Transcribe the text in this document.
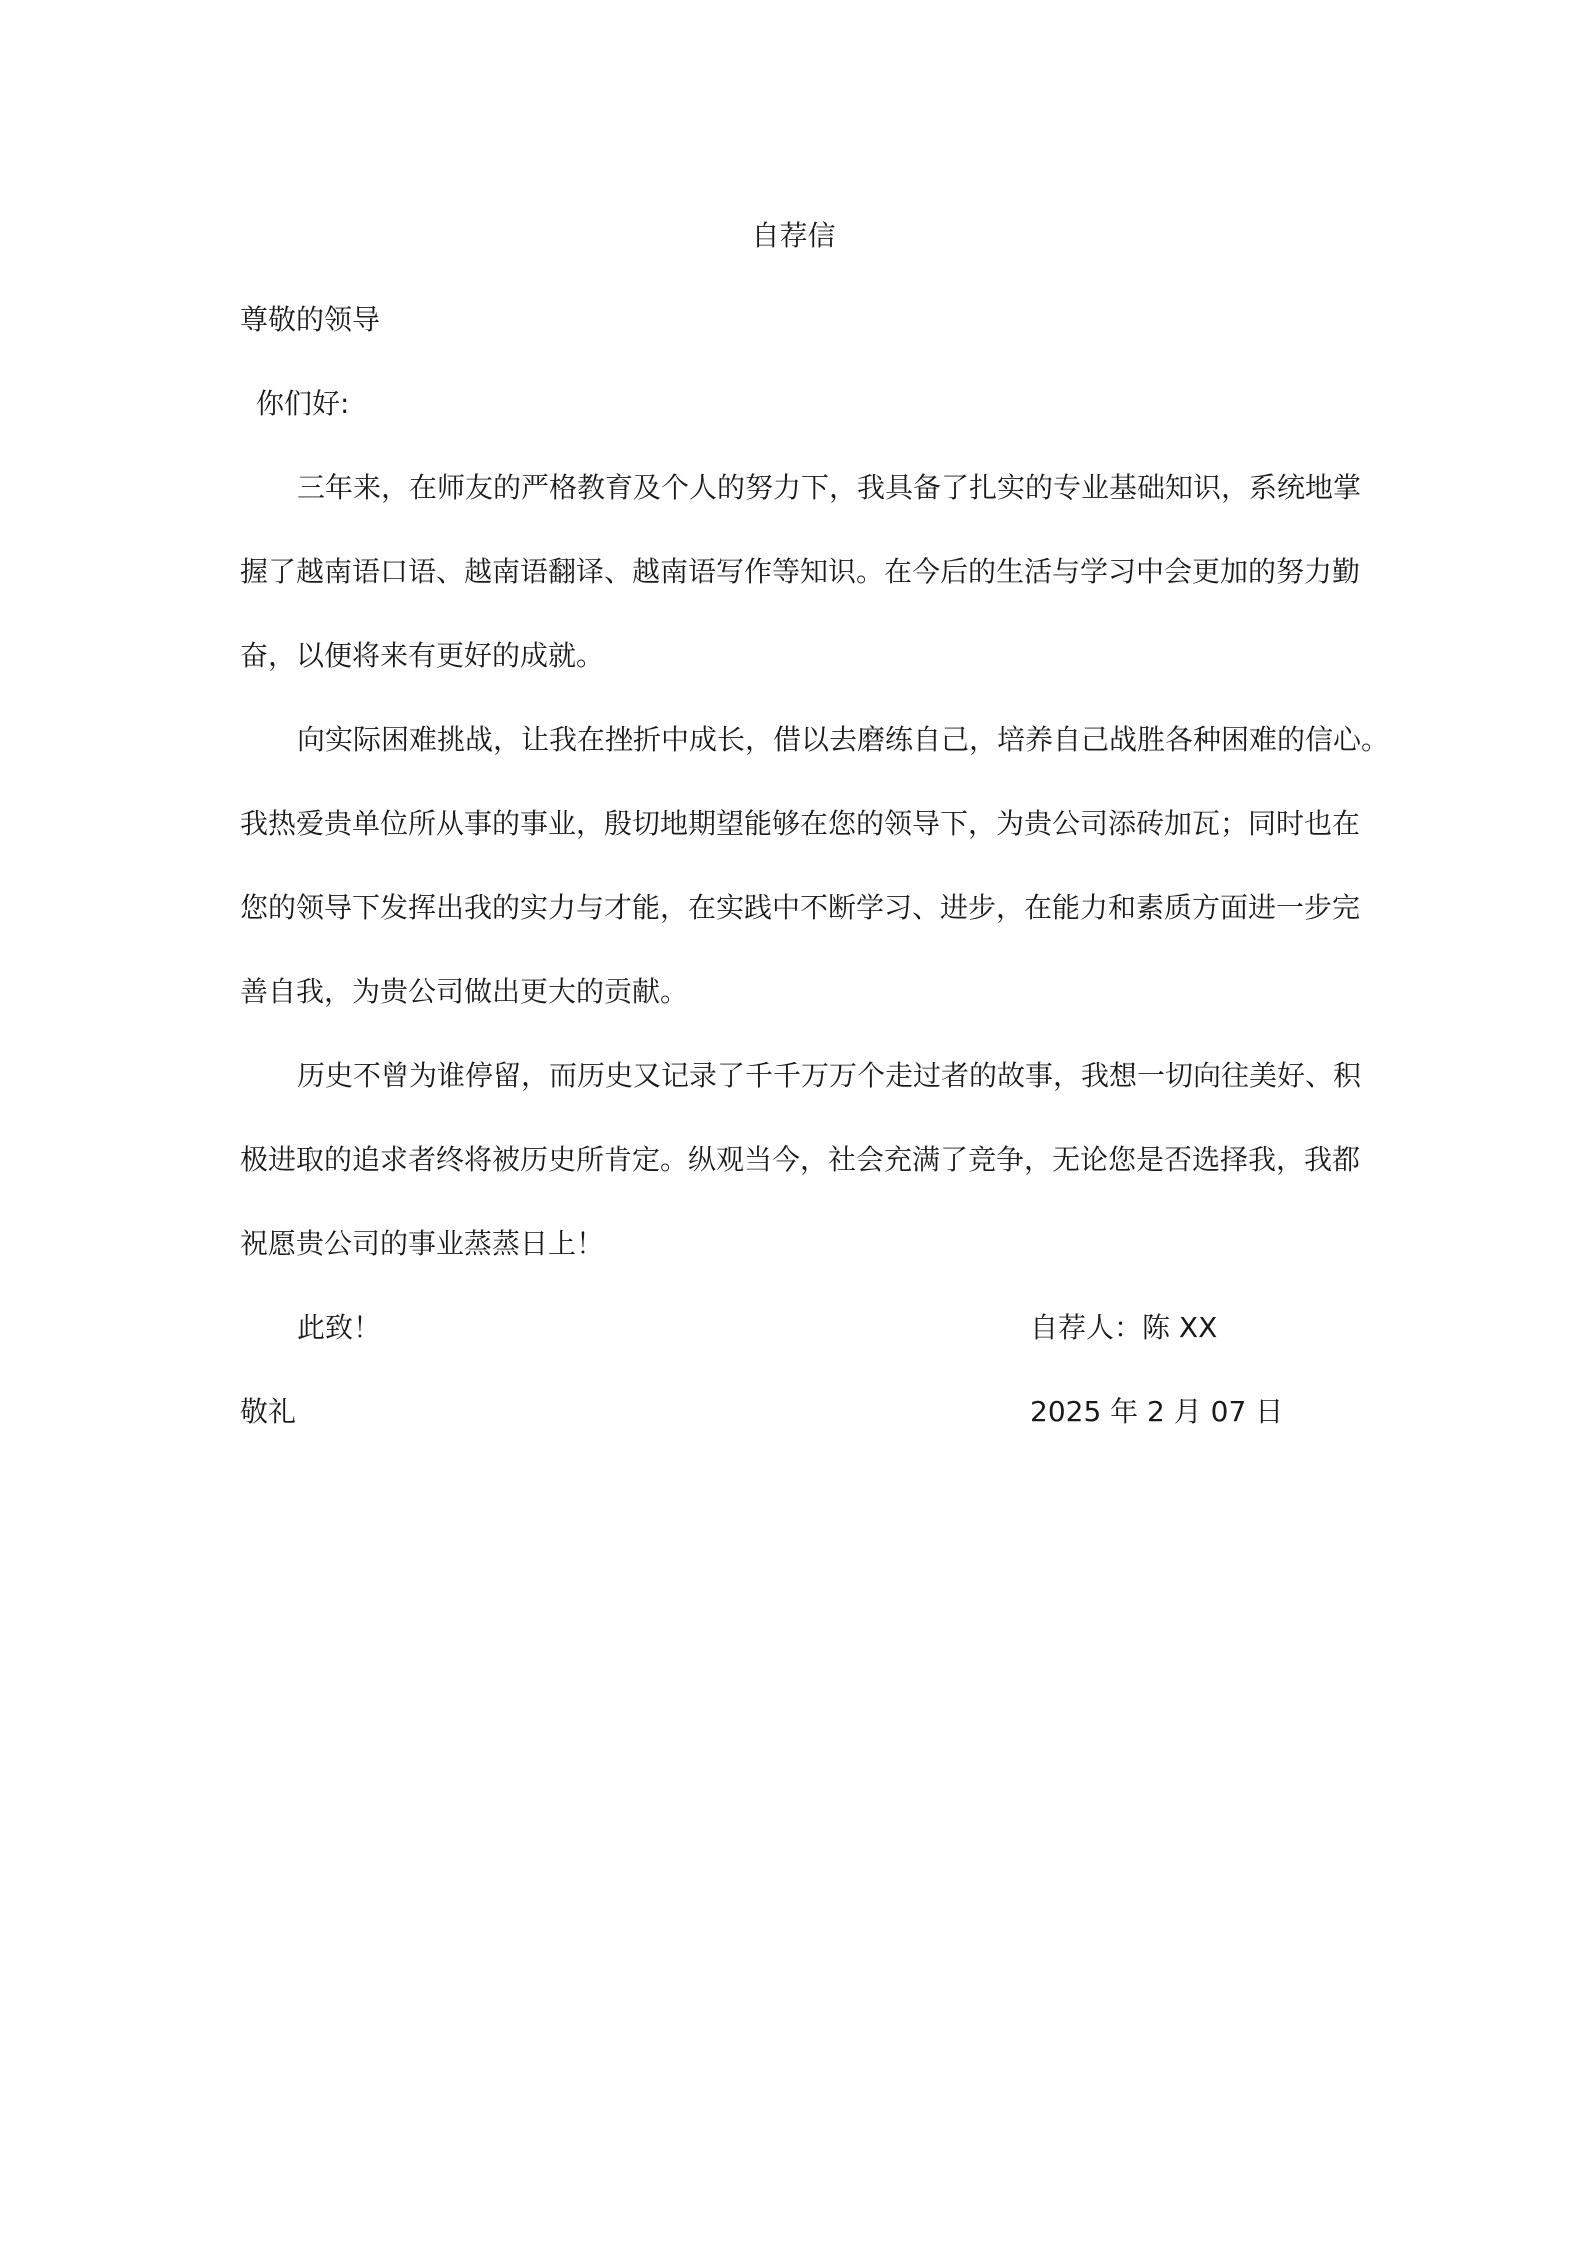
自荐信
尊敬的领导
你们好:
三年来，在师友的严格教育及个人的努力下，我具备了扎实的专业基础知识，系统地掌
握了越南语口语、越南语翻译、越南语写作等知识。在今后的生活与学习中会更加的努力勤
奋，以便将来有更好的成就。
向实际困难挑战，让我在挫折中成长，借以去磨练自己，培养自己战胜各种困难的信心。
我热爱贵单位所从事的事业，殷切地期望能够在您的领导下，为贵公司添砖加瓦；同时也在
您的领导下发挥出我的实力与才能，在实践中不断学习、进步，在能力和素质方面进一步完
善自我，为贵公司做出更大的贡献。
历史不曾为谁停留，而历史又记录了千千万万个走过者的故事，我想一切向往美好、积
极进取的追求者终将被历史所肯定。纵观当今，社会充满了竞争，无论您是否选择我，我都
祝愿贵公司的事业蒸蒸日上！
此致！	自荐人：陈 XX
敬礼	2025 年 2 月 07 日
